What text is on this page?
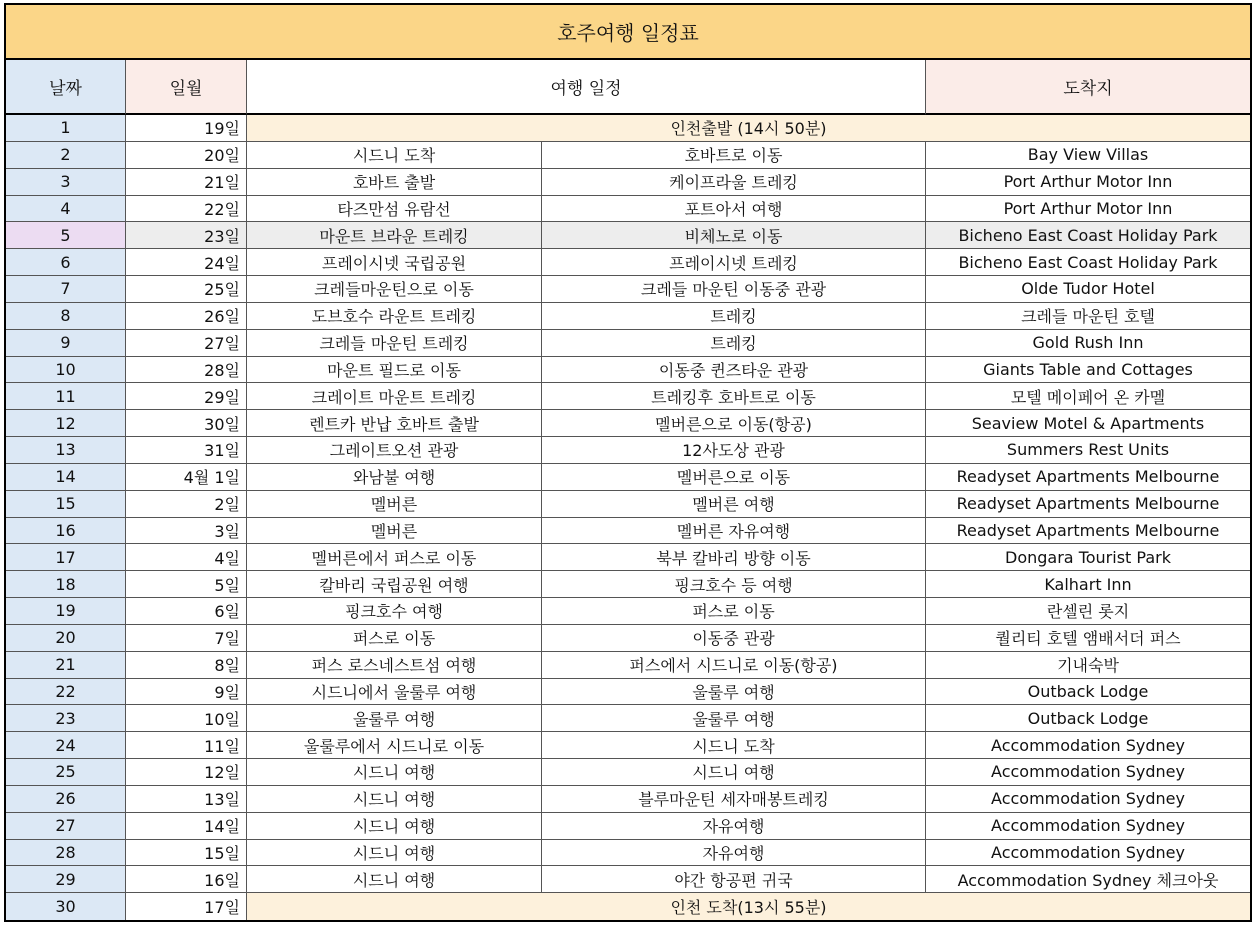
호주여행 일정표
날짜	일월	여행 일정	도착지
1	19일	인천출발 (14시 50분)
2	20일	시드니 도착	호바트로 이동	Bay View Villas
3	21일	호바트 출발	케이프라울 트레킹	Port Arthur Motor Inn
4	22일	타즈만섬 유람선	포트아서 여행	Port Arthur Motor Inn
5	23일	마운트 브라운 트레킹	비체노로 이동	Bicheno East Coast Holiday Park
6	24일	프레이시넷 국립공원	프레이시넷 트레킹	Bicheno East Coast Holiday Park
7	25일	크레들마운틴으로 이동	크레들 마운틴 이동중 관광	Olde Tudor Hotel
8	26일	도브호수 라운트 트레킹	트레킹	크레들 마운틴 호텔
9	27일	크레들 마운틴 트레킹	트레킹	Gold Rush Inn
10	28일	마운트 필드로 이동	이동중 퀸즈타운 관광	Giants Table and Cottages
11	29일	크레이트 마운트 트레킹	트레킹후 호바트로 이동	모텔 메이페어 온 카멜
12	30일	렌트카 반납 호바트 출발	멜버른으로 이동(항공)	Seaview Motel & Apartments
13	31일	그레이트오션 관광	12사도상 관광	Summers Rest Units
14	4월 1일	와남불 여행	멜버른으로 이동	Readyset Apartments Melbourne
15	2일	멜버른	멜버른 여행	Readyset Apartments Melbourne
16	3일	멜버른	멜버른 자유여행	Readyset Apartments Melbourne
17	4일	멜버른에서 퍼스로 이동	북부 칼바리 방향 이동	Dongara Tourist Park
18	5일	칼바리 국립공원 여행	핑크호수 등 여행	Kalhart Inn
19	6일	핑크호수 여행	퍼스로 이동	란셀린 롯지
20	7일	퍼스로 이동	이동중 관광	퀄리티 호텔 앰배서더 퍼스
21	8일	퍼스 로스네스트섬 여행	퍼스에서 시드니로 이동(항공)	기내숙박
22	9일	시드니에서 울룰루 여행	울룰루 여행	Outback Lodge
23	10일	울룰루 여행	울룰루 여행	Outback Lodge
24	11일	울룰루에서 시드니로 이동	시드니 도착	Accommodation Sydney
25	12일	시드니 여행	시드니 여행	Accommodation Sydney
26	13일	시드니 여행	블루마운틴 세자매봉트레킹	Accommodation Sydney
27	14일	시드니 여행	자유여행	Accommodation Sydney
28	15일	시드니 여행	자유여행	Accommodation Sydney
29	16일	시드니 여행	야간 항공편 귀국	Accommodation Sydney 체크아웃
30	17일	인천 도착(13시 55분)
